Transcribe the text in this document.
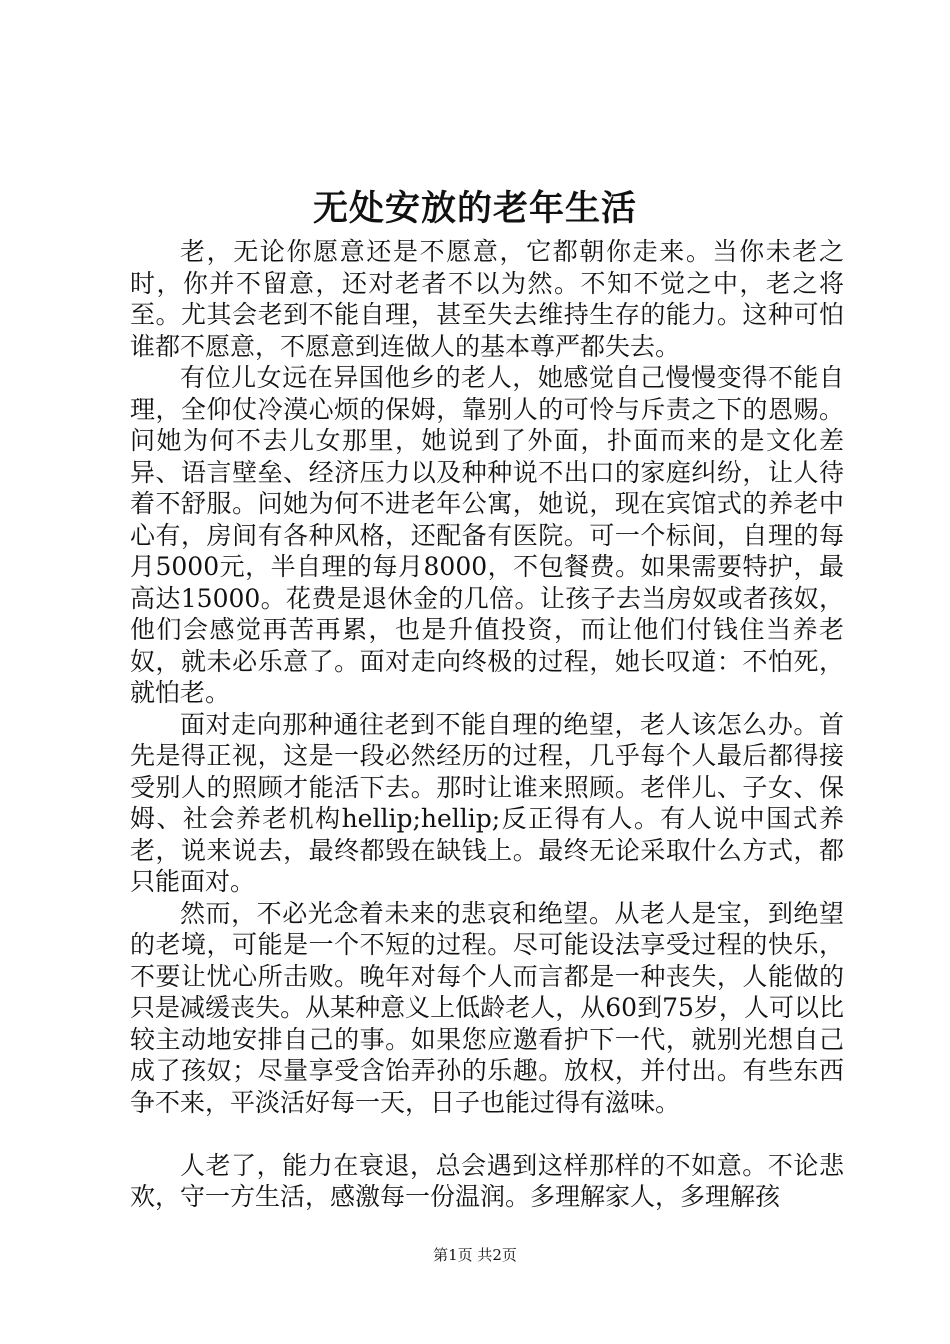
无处安放的老年生活

老，无论你愿意还是不愿意，它都朝你走来。当你未老之时，你并不留意，还对老者不以为然。不知不觉之中，老之将至。尤其会老到不能自理，甚至失去维持生存的能力。这种可怕谁都不愿意，不愿意到连做人的基本尊严都失去。

有位儿女远在异国他乡的老人，她感觉自己慢慢变得不能自理，全仰仗冷漠心烦的保姆，靠别人的可怜与斥责之下的恩赐。问她为何不去儿女那里，她说到了外面，扑面而来的是文化差异、语言壁垒、经济压力以及种种说不出口的家庭纠纷，让人待着不舒服。问她为何不进老年公寓，她说，现在宾馆式的养老中心有，房间有各种风格，还配备有医院。可一个标间，自理的每月5000元，半自理的每月8000，不包餐费。如果需要特护，最高达15000。花费是退休金的几倍。让孩子去当房奴或者孩奴，他们会感觉再苦再累，也是升值投资，而让他们付钱住当养老奴，就未必乐意了。面对走向终极的过程，她长叹道：不怕死，就怕老。

面对走向那种通往老到不能自理的绝望，老人该怎么办。首先是得正视，这是一段必然经历的过程，几乎每个人最后都得接受别人的照顾才能活下去。那时让谁来照顾。老伴儿、子女、保姆、社会养老机构hellip;hellip;反正得有人。有人说中国式养老，说来说去，最终都毁在缺钱上。最终无论采取什么方式，都只能面对。

然而，不必光念着未来的悲哀和绝望。从老人是宝，到绝望的老境，可能是一个不短的过程。尽可能设法享受过程的快乐，不要让忧心所击败。晚年对每个人而言都是一种丧失，人能做的只是减缓丧失。从某种意义上低龄老人，从60到75岁，人可以比较主动地安排自己的事。如果您应邀看护下一代，就别光想自己成了孩奴；尽量享受含饴弄孙的乐趣。放权，并付出。有些东西争不来，平淡活好每一天，日子也能过得有滋味。

人老了，能力在衰退，总会遇到这样那样的不如意。不论悲欢，守一方生活，感激每一份温润。多理解家人，多理解孩

第1页 共2页
